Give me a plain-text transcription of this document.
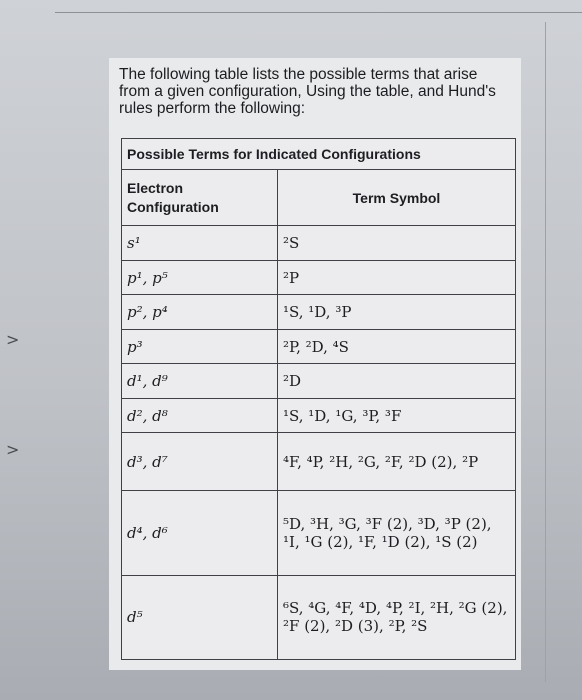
>
>
The following table lists the possible terms that arise from a given configuration, Using the table, and Hund's rules perform the following:
Possible Terms for Indicated Configurations	
Electron Configuration	Term Symbol
s¹	²S
p¹, p⁵	²P
p², p⁴	¹S, ¹D, ³P
p³	²P, ²D, ⁴S
d¹, d⁹	²D
d², d⁸	¹S, ¹D, ¹G, ³P, ³F
d³, d⁷	⁴F, ⁴P, ²H, ²G, ²F, ²D (2), ²P
d⁴, d⁶	⁵D, ³H, ³G, ³F (2), ³D, ³P (2), ¹I, ¹G (2), ¹F, ¹D (2), ¹S (2)
d⁵	⁶S, ⁴G, ⁴F, ⁴D, ⁴P, ²I, ²H, ²G (2), ²F (2), ²D (3), ²P, ²S
